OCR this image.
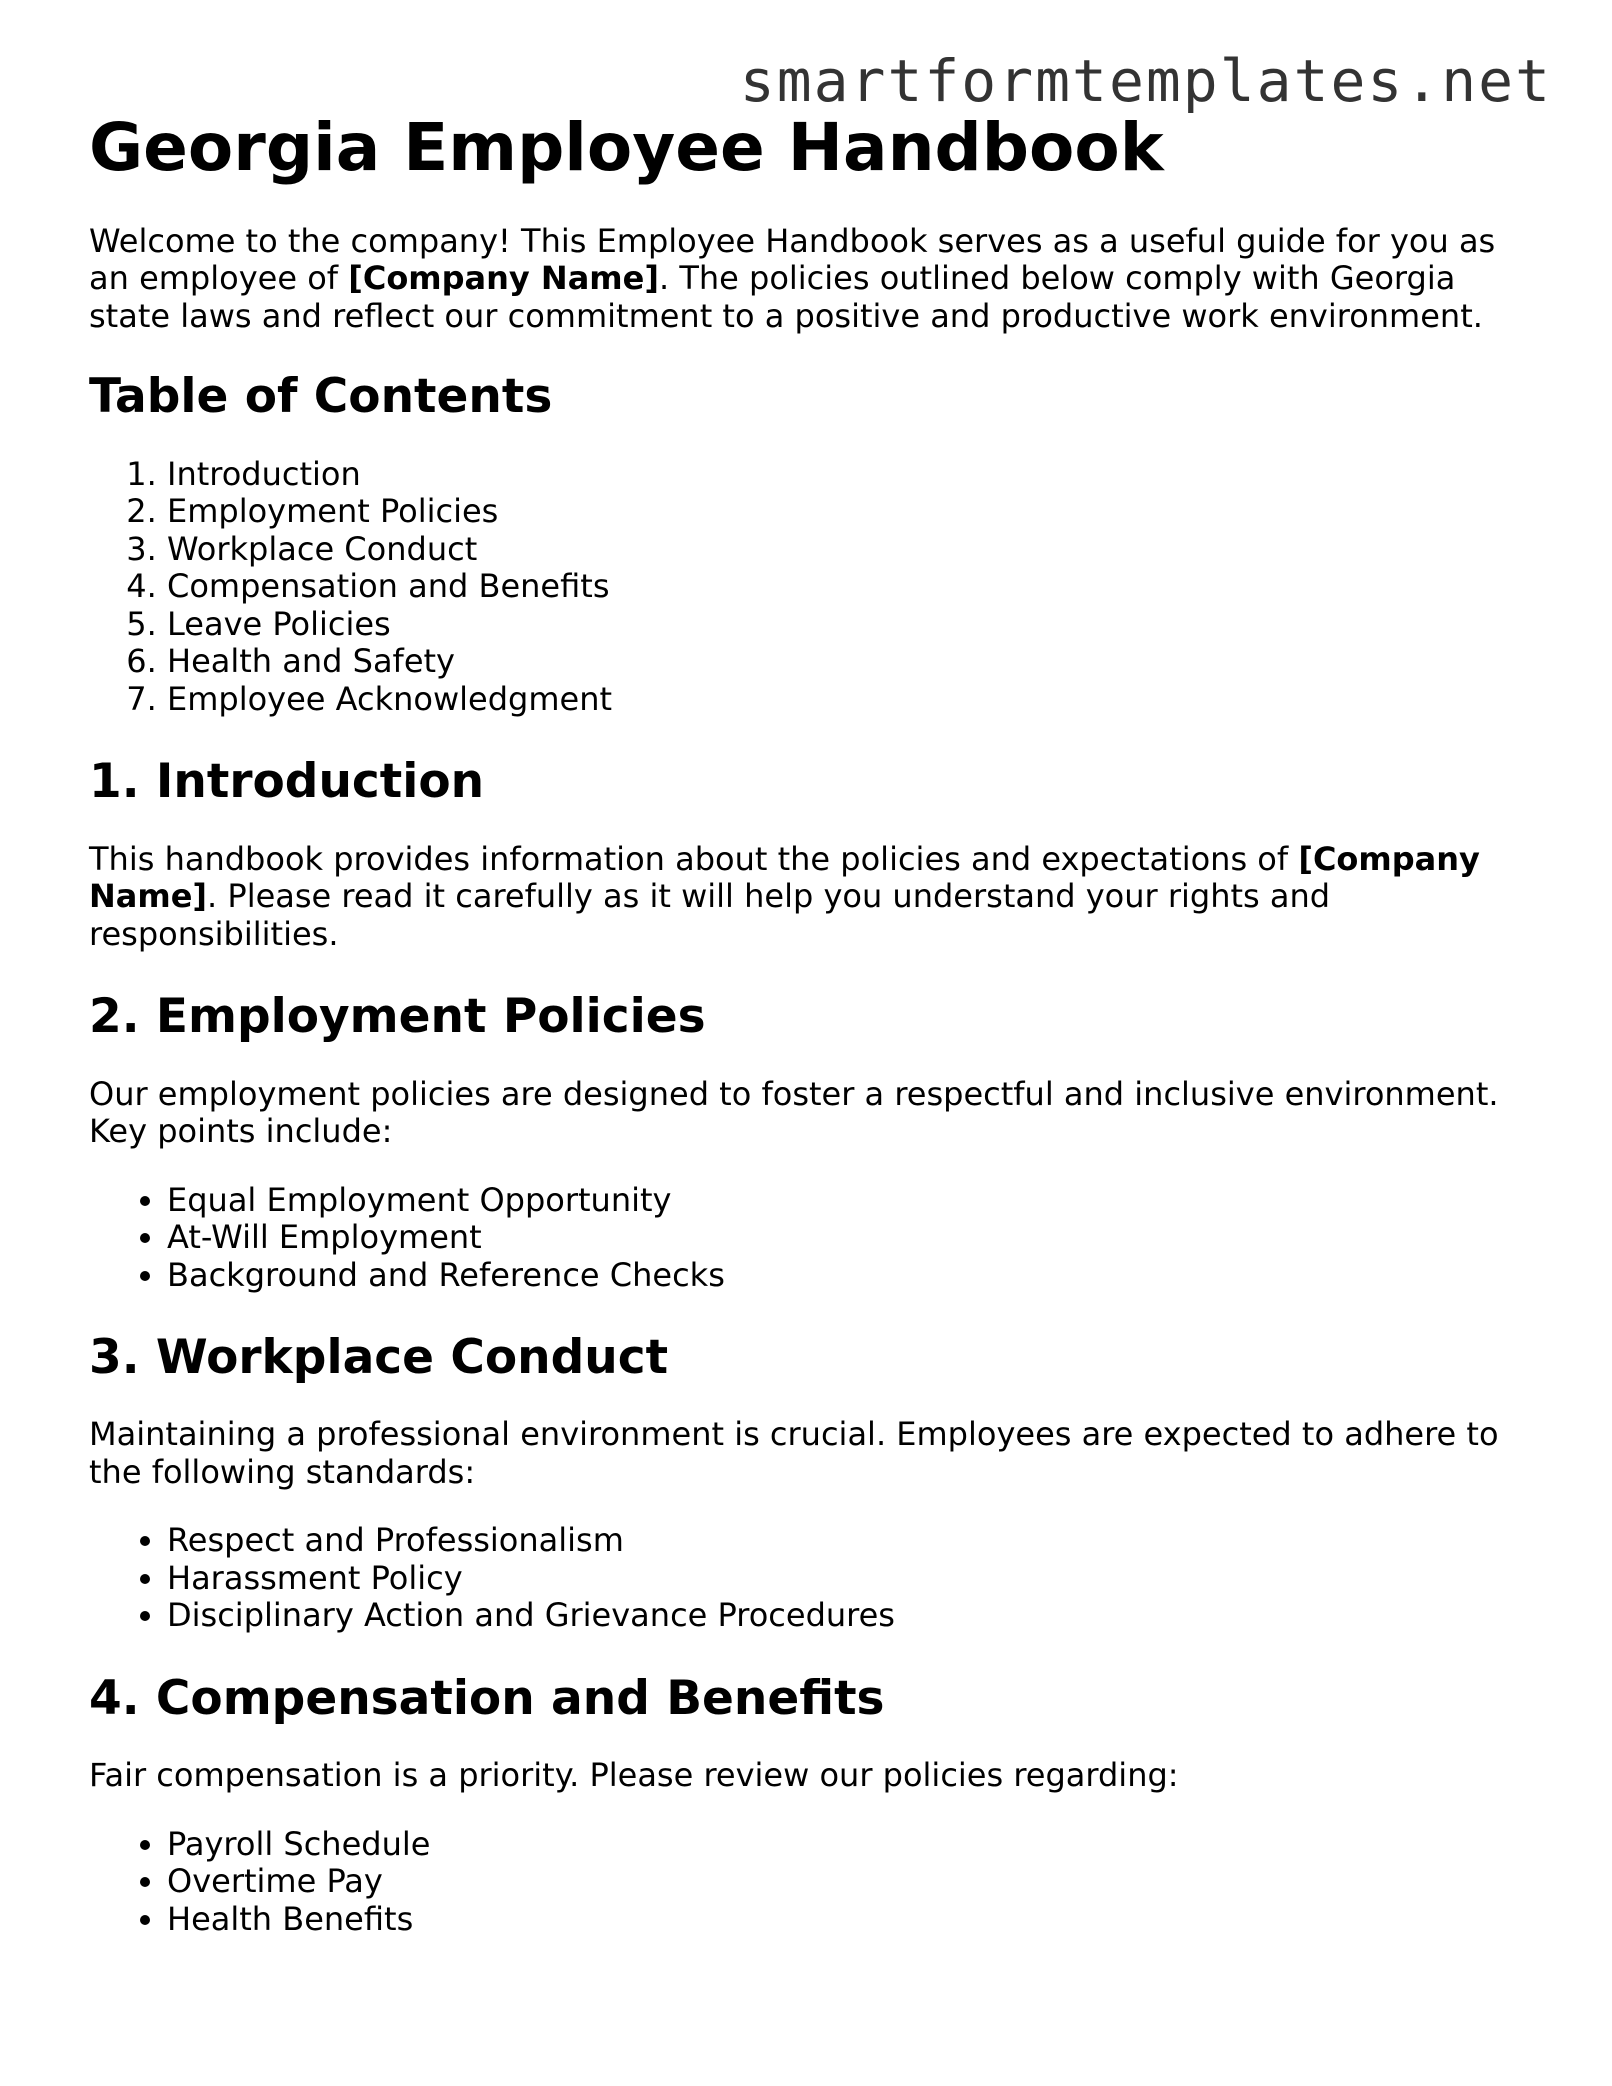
smartformtemplates.net
Georgia Employee Handbook

Welcome to the company! This Employee Handbook serves as a useful guide for you as an employee of [Company Name]. The policies outlined below comply with Georgia state laws and reflect our commitment to a positive and productive work environment.

Table of Contents
1. Introduction
2. Employment Policies
3. Workplace Conduct
4. Compensation and Benefits
5. Leave Policies
6. Health and Safety
7. Employee Acknowledgment
1. Introduction

This handbook provides information about the policies and expectations of [Company Name]. Please read it carefully as it will help you understand your rights and responsibilities.

2. Employment Policies

Our employment policies are designed to foster a respectful and inclusive environment. Key points include:

• Equal Employment Opportunity
• At-Will Employment
• Background and Reference Checks
3. Workplace Conduct

Maintaining a professional environment is crucial. Employees are expected to adhere to the following standards:

• Respect and Professionalism
• Harassment Policy
• Disciplinary Action and Grievance Procedures
4. Compensation and Benefits

Fair compensation is a priority. Please review our policies regarding:

• Payroll Schedule
• Overtime Pay
• Health Benefits
